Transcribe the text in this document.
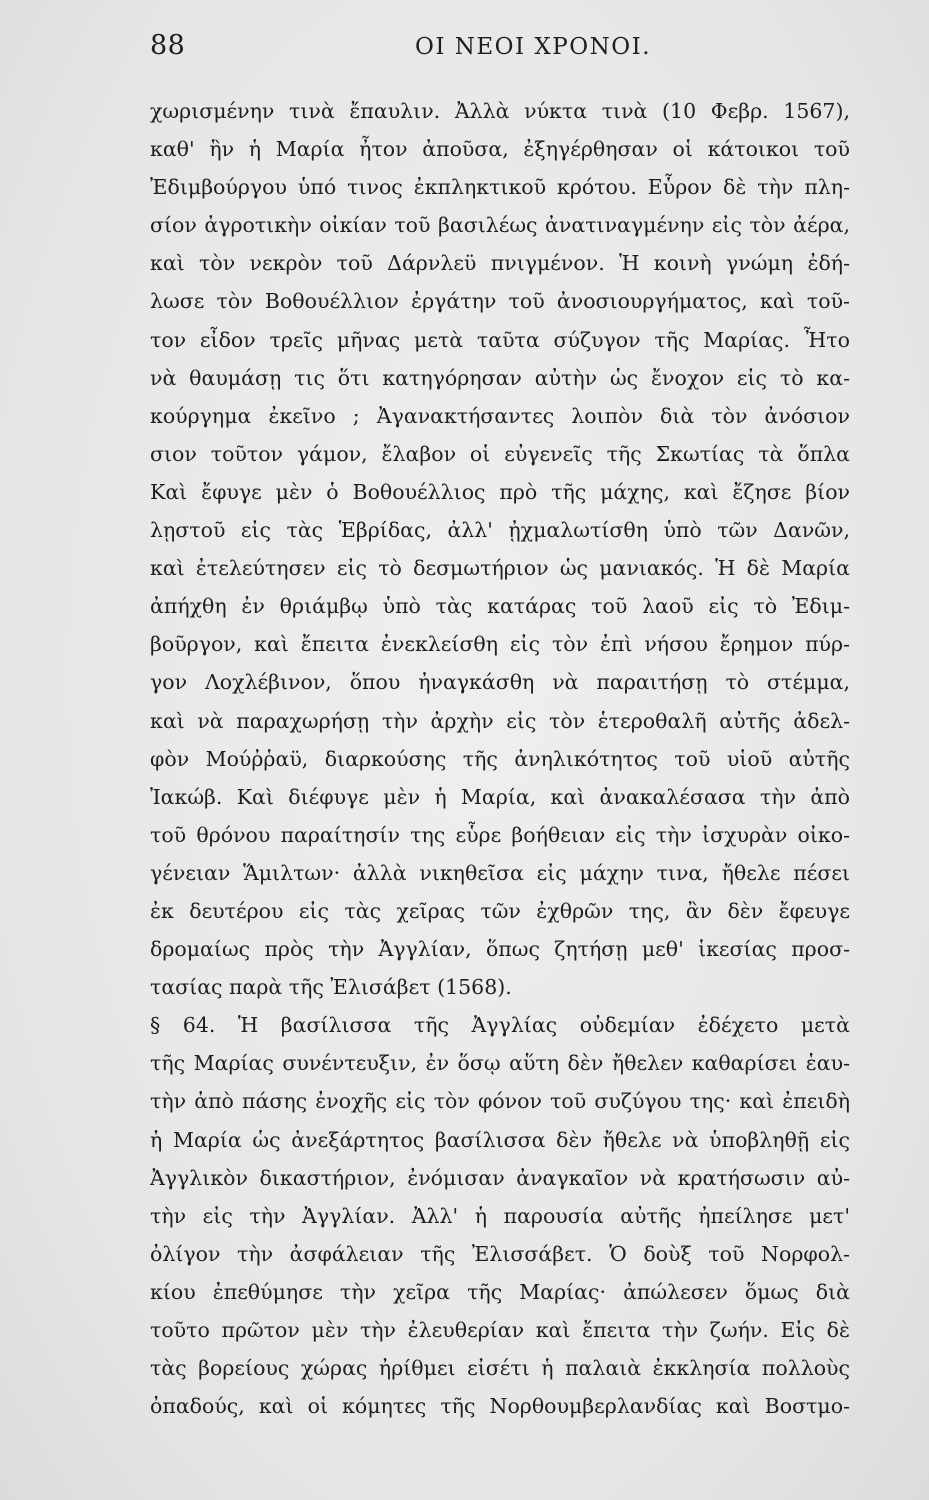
88	ΟΙ ΝΕΟΙ ΧΡΟΝΟΙ.
χωρισμένην τινὰ ἔπαυλιν. Ἀλλὰ νύκτα τινὰ (10 Φεβρ. 1567),
καθ' ἣν ἡ Μαρία ἦτον ἀποῦσα, ἐξηγέρθησαν οἱ κάτοικοι τοῦ
Ἐδιμβούργου ὑπό τινος ἐκπληκτικοῦ κρότου. Εὗρον δὲ τὴν πλη-
σίον ἀγροτικὴν οἰκίαν τοῦ βασιλέως ἀνατιναγμένην εἰς τὸν ἀέρα,
καὶ τὸν νεκρὸν τοῦ Δάρνλεϋ πνιγμένον. Ἡ κοινὴ γνώμη ἐδή-
λωσε τὸν Βοθουέλλιον ἐργάτην τοῦ ἀνοσιουργήματος, καὶ τοῦ-
τον εἶδον τρεῖς μῆνας μετὰ ταῦτα σύζυγον τῆς Μαρίας. Ἦτο
νὰ θαυμάσῃ τις ὅτι κατηγόρησαν αὐτὴν ὡς ἔνοχον εἰς τὸ κα-
κούργημα ἐκεῖνο ; Ἀγανακτήσαντες λοιπὸν διὰ τὸν ἀνόσιον
σιον τοῦτον γάμον, ἔλαβον οἱ εὐγενεῖς τῆς Σκωτίας τὰ ὅπλα
Καὶ ἔφυγε μὲν ὁ Βοθουέλλιος πρὸ τῆς μάχης, καὶ ἔζησε βίον
λῃστοῦ εἰς τὰς Ἑβρίδας, ἀλλ' ᾐχμαλωτίσθη ὑπὸ τῶν Δανῶν,
καὶ ἐτελεύτησεν εἰς τὸ δεσμωτήριον ὡς μανιακός. Ἡ δὲ Μαρία
ἀπήχθη ἐν θριάμβῳ ὑπὸ τὰς κατάρας τοῦ λαοῦ εἰς τὸ Ἐδιμ-
βοῦργον, καὶ ἔπειτα ἐνεκλείσθη εἰς τὸν ἐπὶ νήσου ἔρημον πύρ-
γον Λοχλέβινον, ὅπου ἠναγκάσθη νὰ παραιτήσῃ τὸ στέμμα,
καὶ νὰ παραχωρήσῃ τὴν ἀρχὴν εἰς τὸν ἑτεροθαλῆ αὐτῆς ἀδελ-
φὸν Μούῤῥαϋ, διαρκούσης τῆς ἀνηλικότητος τοῦ υἱοῦ αὐτῆς
Ἰακώβ. Καὶ διέφυγε μὲν ἡ Μαρία, καὶ ἀνακαλέσασα τὴν ἀπὸ
τοῦ θρόνου παραίτησίν της εὗρε βοήθειαν εἰς τὴν ἰσχυρὰν οἰκο-
γένειαν Ἅμιλτων· ἀλλὰ νικηθεῖσα εἰς μάχην τινα, ἤθελε πέσει
ἐκ δευτέρου εἰς τὰς χεῖρας τῶν ἐχθρῶν της, ἂν δὲν ἔφευγε
δρομαίως πρὸς τὴν Ἀγγλίαν, ὅπως ζητήσῃ μεθ' ἱκεσίας προσ-
τασίας παρὰ τῆς Ἐλισάβετ (1568).
§ 64. Ἡ βασίλισσα τῆς Ἀγγλίας οὐδεμίαν ἐδέχετο μετὰ
τῆς Μαρίας συνέντευξιν, ἐν ὅσῳ αὕτη δὲν ἤθελεν καθαρίσει ἑαυ-
τὴν ἀπὸ πάσης ἐνοχῆς εἰς τὸν φόνον τοῦ συζύγου της· καὶ ἐπειδὴ
ἡ Μαρία ὡς ἀνεξάρτητος βασίλισσα δὲν ἤθελε νὰ ὑποβληθῇ εἰς
Ἀγγλικὸν δικαστήριον, ἐνόμισαν ἀναγκαῖον νὰ κρατήσωσιν αὐ-
τὴν εἰς τὴν Ἀγγλίαν. Ἀλλ' ἡ παρουσία αὐτῆς ἠπείλησε μετ'
ὀλίγον τὴν ἀσφάλειαν τῆς Ἐλισσάβετ. Ὁ δοὺξ τοῦ Νορφολ-
κίου ἐπεθύμησε τὴν χεῖρα τῆς Μαρίας· ἀπώλεσεν ὅμως διὰ
τοῦτο πρῶτον μὲν τὴν ἐλευθερίαν καὶ ἔπειτα τὴν ζωήν. Εἰς δὲ
τὰς βορείους χώρας ἠρίθμει εἰσέτι ἡ παλαιὰ ἐκκλησία πολλοὺς
ὀπαδούς, καὶ οἱ κόμητες τῆς Νορθουμβερλανδίας καὶ Βοστμο-
